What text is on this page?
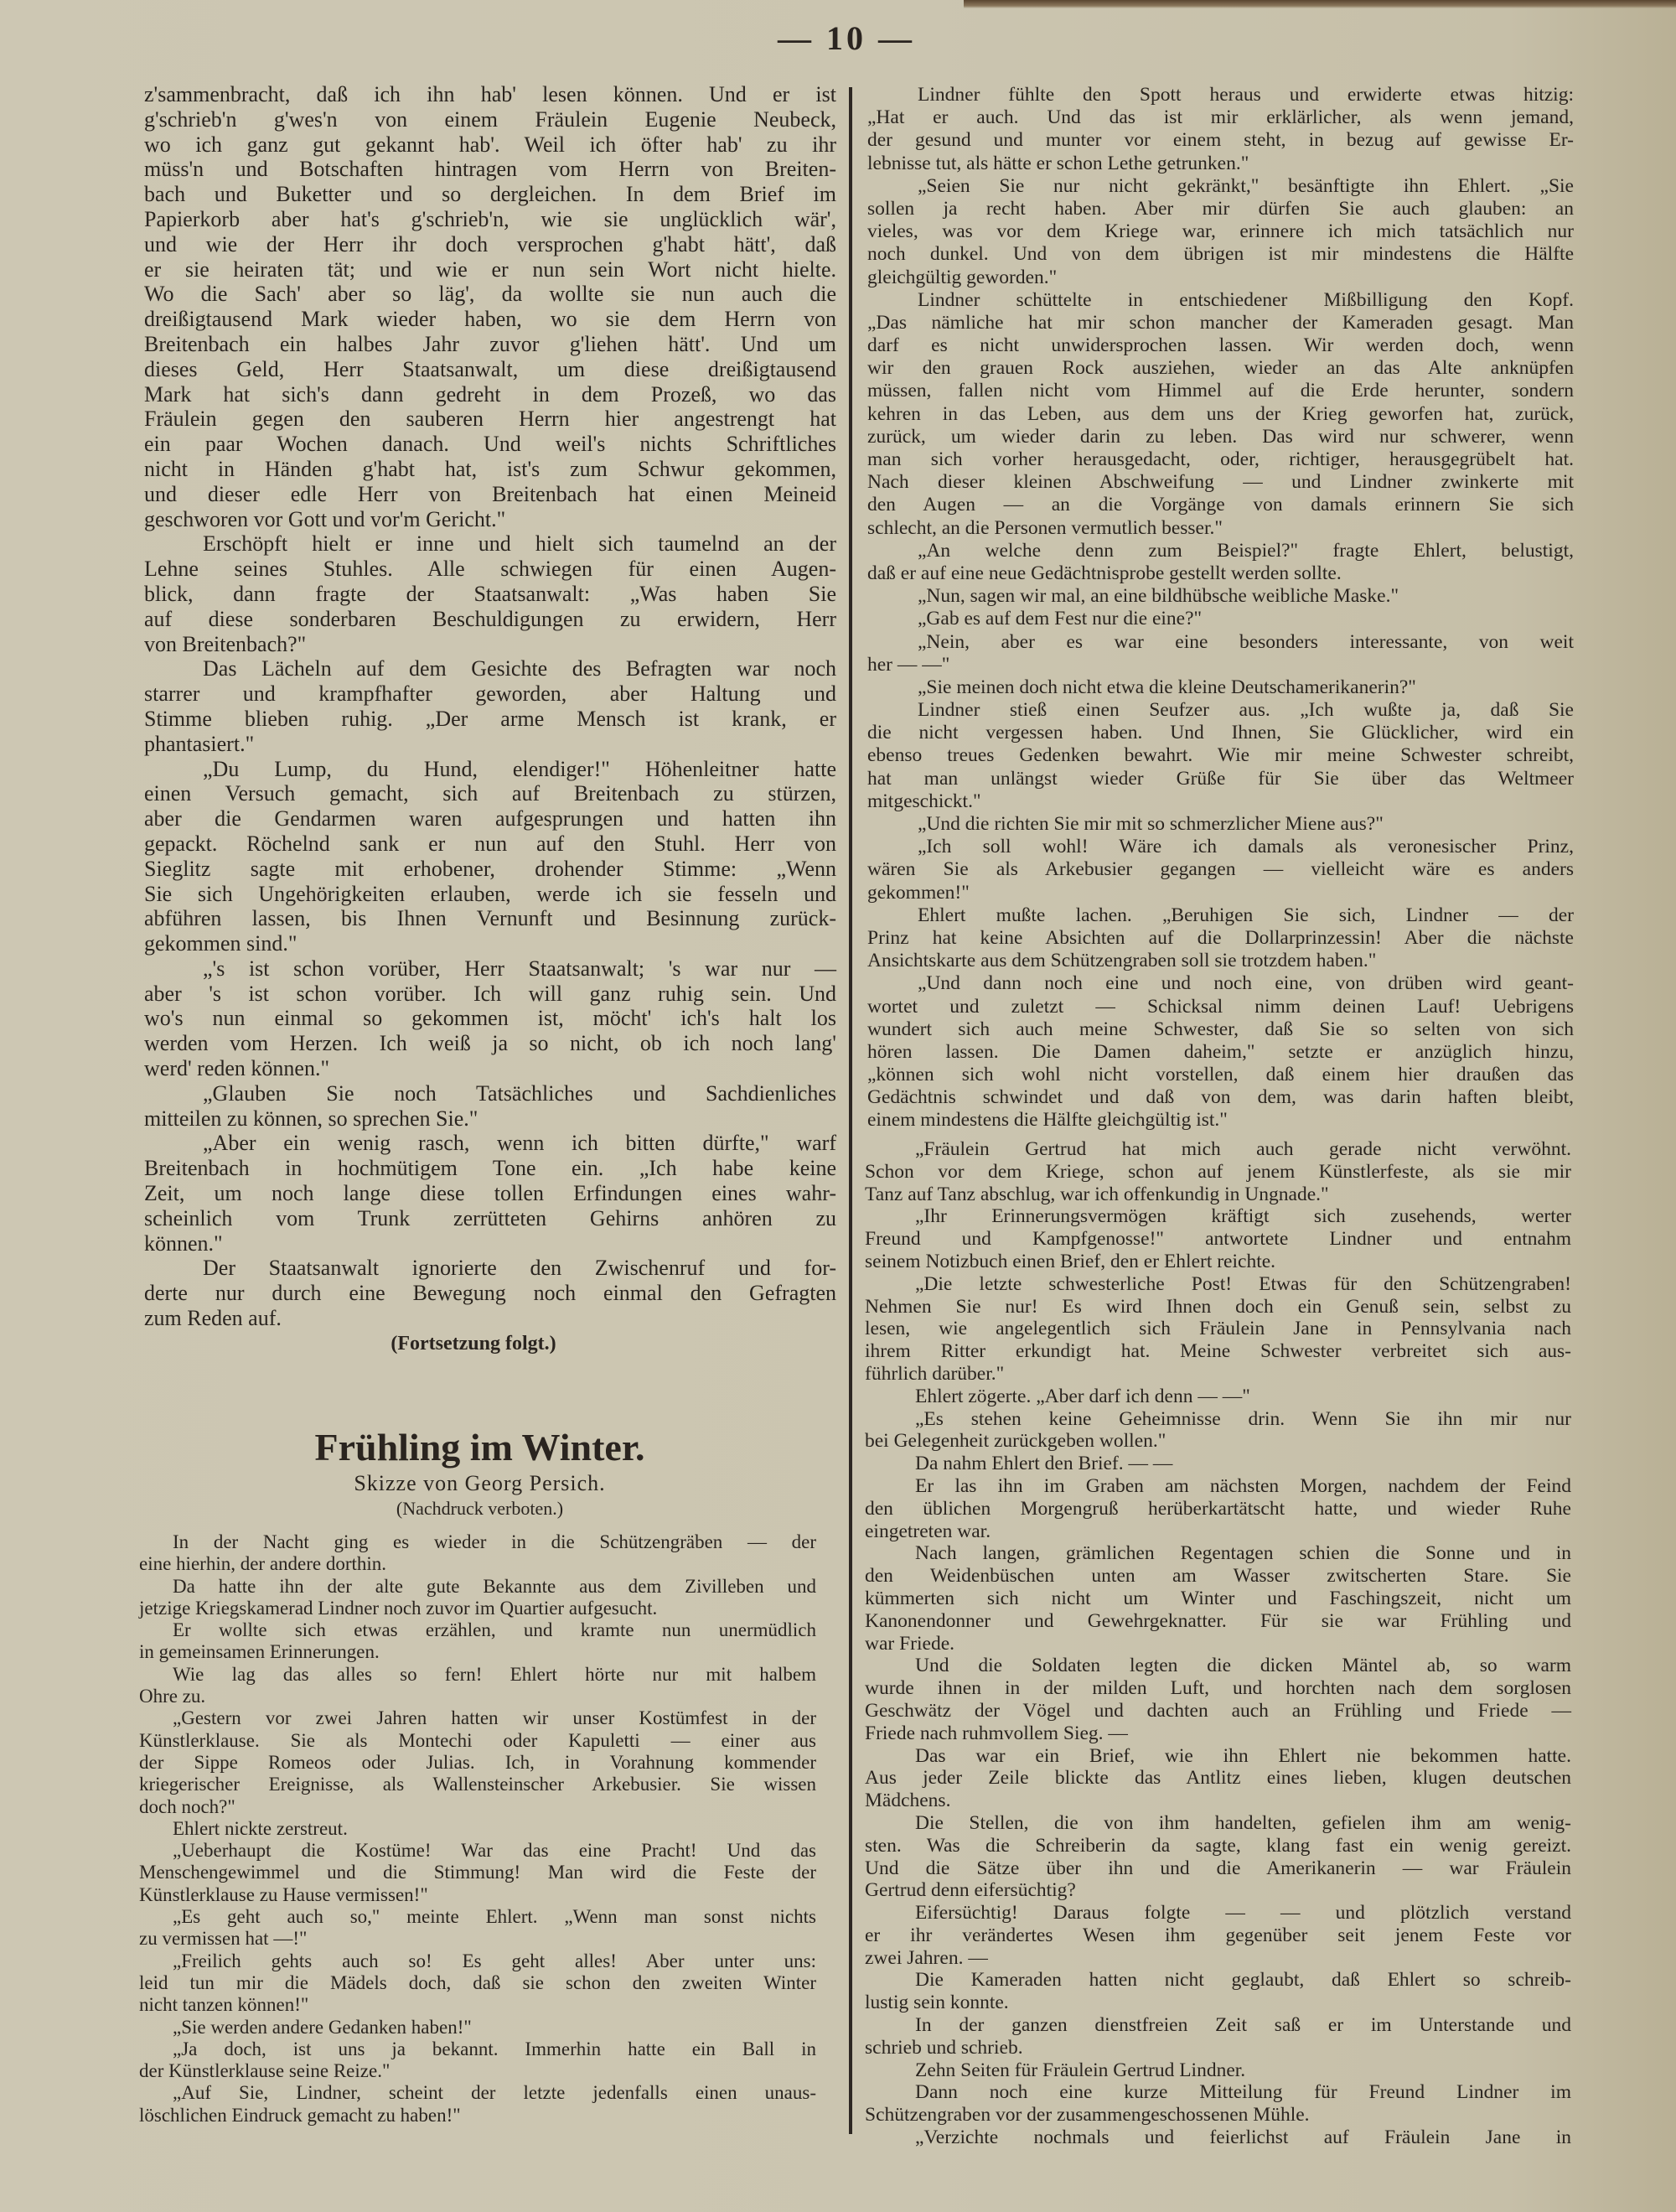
— 10 —
z'sammenbracht, daß ich ihn hab' lesen können. Und er ist
g'schrieb'n g'wes'n von einem Fräulein Eugenie Neubeck,
wo ich ganz gut gekannt hab'. Weil ich öfter hab' zu ihr
müss'n und Botschaften hintragen vom Herrn von Breiten-
bach und Buketter und so dergleichen. In dem Brief im
Papierkorb aber hat's g'schrieb'n, wie sie unglücklich wär',
und wie der Herr ihr doch versprochen g'habt hätt', daß
er sie heiraten tät; und wie er nun sein Wort nicht hielte.
Wo die Sach' aber so läg', da wollte sie nun auch die
dreißigtausend Mark wieder haben, wo sie dem Herrn von
Breitenbach ein halbes Jahr zuvor g'liehen hätt'. Und um
dieses Geld, Herr Staatsanwalt, um diese dreißigtausend
Mark hat sich's dann gedreht in dem Prozeß, wo das
Fräulein gegen den sauberen Herrn hier angestrengt hat
ein paar Wochen danach. Und weil's nichts Schriftliches
nicht in Händen g'habt hat, ist's zum Schwur gekommen,
und dieser edle Herr von Breitenbach hat einen Meineid
geschworen vor Gott und vor'm Gericht."
Erschöpft hielt er inne und hielt sich taumelnd an der
Lehne seines Stuhles. Alle schwiegen für einen Augen-
blick, dann fragte der Staatsanwalt: „Was haben Sie
auf diese sonderbaren Beschuldigungen zu erwidern, Herr
von Breitenbach?"
Das Lächeln auf dem Gesichte des Befragten war noch
starrer und krampfhafter geworden, aber Haltung und
Stimme blieben ruhig. „Der arme Mensch ist krank, er
phantasiert."
„Du Lump, du Hund, elendiger!" Höhenleitner hatte
einen Versuch gemacht, sich auf Breitenbach zu stürzen,
aber die Gendarmen waren aufgesprungen und hatten ihn
gepackt. Röchelnd sank er nun auf den Stuhl. Herr von
Sieglitz sagte mit erhobener, drohender Stimme: „Wenn
Sie sich Ungehörigkeiten erlauben, werde ich sie fesseln und
abführen lassen, bis Ihnen Vernunft und Besinnung zurück-
gekommen sind."
„'s ist schon vorüber, Herr Staatsanwalt; 's war nur —
aber 's ist schon vorüber. Ich will ganz ruhig sein. Und
wo's nun einmal so gekommen ist, möcht' ich's halt los
werden vom Herzen. Ich weiß ja so nicht, ob ich noch lang'
werd' reden können."
„Glauben Sie noch Tatsächliches und Sachdienliches
mitteilen zu können, so sprechen Sie."
„Aber ein wenig rasch, wenn ich bitten dürfte," warf
Breitenbach in hochmütigem Tone ein. „Ich habe keine
Zeit, um noch lange diese tollen Erfindungen eines wahr-
scheinlich vom Trunk zerrütteten Gehirns anhören zu
können."
Der Staatsanwalt ignorierte den Zwischenruf und for-
derte nur durch eine Bewegung noch einmal den Gefragten
zum Reden auf.
(Fortsetzung folgt.)
Frühling im Winter.
Skizze von Georg Persich.
(Nachdruck verboten.)
In der Nacht ging es wieder in die Schützengräben — der
eine hierhin, der andere dorthin.
Da hatte ihn der alte gute Bekannte aus dem Zivilleben und
jetzige Kriegskamerad Lindner noch zuvor im Quartier aufgesucht.
Er wollte sich etwas erzählen, und kramte nun unermüdlich
in gemeinsamen Erinnerungen.
Wie lag das alles so fern! Ehlert hörte nur mit halbem
Ohre zu.
„Gestern vor zwei Jahren hatten wir unser Kostümfest in der
Künstlerklause. Sie als Montechi oder Kapuletti — einer aus
der Sippe Romeos oder Julias. Ich, in Vorahnung kommender
kriegerischer Ereignisse, als Wallensteinscher Arkebusier. Sie wissen
doch noch?"
Ehlert nickte zerstreut.
„Ueberhaupt die Kostüme! War das eine Pracht! Und das
Menschengewimmel und die Stimmung! Man wird die Feste der
Künstlerklause zu Hause vermissen!"
„Es geht auch so," meinte Ehlert. „Wenn man sonst nichts
zu vermissen hat —!"
„Freilich gehts auch so! Es geht alles! Aber unter uns:
leid tun mir die Mädels doch, daß sie schon den zweiten Winter
nicht tanzen können!"
„Sie werden andere Gedanken haben!"
„Ja doch, ist uns ja bekannt. Immerhin hatte ein Ball in
der Künstlerklause seine Reize."
„Auf Sie, Lindner, scheint der letzte jedenfalls einen unaus-
löschlichen Eindruck gemacht zu haben!"
Lindner fühlte den Spott heraus und erwiderte etwas hitzig:
„Hat er auch. Und das ist mir erklärlicher, als wenn jemand,
der gesund und munter vor einem steht, in bezug auf gewisse Er-
lebnisse tut, als hätte er schon Lethe getrunken."
„Seien Sie nur nicht gekränkt," besänftigte ihn Ehlert. „Sie
sollen ja recht haben. Aber mir dürfen Sie auch glauben: an
vieles, was vor dem Kriege war, erinnere ich mich tatsächlich nur
noch dunkel. Und von dem übrigen ist mir mindestens die Hälfte
gleichgültig geworden."
Lindner schüttelte in entschiedener Mißbilligung den Kopf.
„Das nämliche hat mir schon mancher der Kameraden gesagt. Man
darf es nicht unwidersprochen lassen. Wir werden doch, wenn
wir den grauen Rock ausziehen, wieder an das Alte anknüpfen
müssen, fallen nicht vom Himmel auf die Erde herunter, sondern
kehren in das Leben, aus dem uns der Krieg geworfen hat, zurück,
zurück, um wieder darin zu leben. Das wird nur schwerer, wenn
man sich vorher herausgedacht, oder, richtiger, herausgegrübelt hat.
Nach dieser kleinen Abschweifung — und Lindner zwinkerte mit
den Augen — an die Vorgänge von damals erinnern Sie sich
schlecht, an die Personen vermutlich besser."
„An welche denn zum Beispiel?" fragte Ehlert, belustigt,
daß er auf eine neue Gedächtnisprobe gestellt werden sollte.
„Nun, sagen wir mal, an eine bildhübsche weibliche Maske."
„Gab es auf dem Fest nur die eine?"
„Nein, aber es war eine besonders interessante, von weit
her — —"
„Sie meinen doch nicht etwa die kleine Deutschamerikanerin?"
Lindner stieß einen Seufzer aus. „Ich wußte ja, daß Sie
die nicht vergessen haben. Und Ihnen, Sie Glücklicher, wird ein
ebenso treues Gedenken bewahrt. Wie mir meine Schwester schreibt,
hat man unlängst wieder Grüße für Sie über das Weltmeer
mitgeschickt."
„Und die richten Sie mir mit so schmerzlicher Miene aus?"
„Ich soll wohl! Wäre ich damals als veronesischer Prinz,
wären Sie als Arkebusier gegangen — vielleicht wäre es anders
gekommen!"
Ehlert mußte lachen. „Beruhigen Sie sich, Lindner — der
Prinz hat keine Absichten auf die Dollarprinzessin! Aber die nächste
Ansichtskarte aus dem Schützengraben soll sie trotzdem haben."
„Und dann noch eine und noch eine, von drüben wird geant-
wortet und zuletzt — Schicksal nimm deinen Lauf! Uebrigens
wundert sich auch meine Schwester, daß Sie so selten von sich
hören lassen. Die Damen daheim," setzte er anzüglich hinzu,
„können sich wohl nicht vorstellen, daß einem hier draußen das
Gedächtnis schwindet und daß von dem, was darin haften bleibt,
einem mindestens die Hälfte gleichgültig ist."
„Fräulein Gertrud hat mich auch gerade nicht verwöhnt.
Schon vor dem Kriege, schon auf jenem Künstlerfeste, als sie mir
Tanz auf Tanz abschlug, war ich offenkundig in Ungnade."
„Ihr Erinnerungsvermögen kräftigt sich zusehends, werter
Freund und Kampfgenosse!" antwortete Lindner und entnahm
seinem Notizbuch einen Brief, den er Ehlert reichte.
„Die letzte schwesterliche Post! Etwas für den Schützengraben!
Nehmen Sie nur! Es wird Ihnen doch ein Genuß sein, selbst zu
lesen, wie angelegentlich sich Fräulein Jane in Pennsylvania nach
ihrem Ritter erkundigt hat. Meine Schwester verbreitet sich aus-
führlich darüber."
Ehlert zögerte. „Aber darf ich denn — —"
„Es stehen keine Geheimnisse drin. Wenn Sie ihn mir nur
bei Gelegenheit zurückgeben wollen."
Da nahm Ehlert den Brief. — —
Er las ihn im Graben am nächsten Morgen, nachdem der Feind
den üblichen Morgengruß herüberkartätscht hatte, und wieder Ruhe
eingetreten war.
Nach langen, grämlichen Regentagen schien die Sonne und in
den Weidenbüschen unten am Wasser zwitscherten Stare. Sie
kümmerten sich nicht um Winter und Faschingszeit, nicht um
Kanonendonner und Gewehrgeknatter. Für sie war Frühling und
war Friede.
Und die Soldaten legten die dicken Mäntel ab, so warm
wurde ihnen in der milden Luft, und horchten nach dem sorglosen
Geschwätz der Vögel und dachten auch an Frühling und Friede —
Friede nach ruhmvollem Sieg. —
Das war ein Brief, wie ihn Ehlert nie bekommen hatte.
Aus jeder Zeile blickte das Antlitz eines lieben, klugen deutschen
Mädchens.
Die Stellen, die von ihm handelten, gefielen ihm am wenig-
sten. Was die Schreiberin da sagte, klang fast ein wenig gereizt.
Und die Sätze über ihn und die Amerikanerin — war Fräulein
Gertrud denn eifersüchtig?
Eifersüchtig! Daraus folgte — — und plötzlich verstand
er ihr verändertes Wesen ihm gegenüber seit jenem Feste vor
zwei Jahren. —
Die Kameraden hatten nicht geglaubt, daß Ehlert so schreib-
lustig sein konnte.
In der ganzen dienstfreien Zeit saß er im Unterstande und
schrieb und schrieb.
Zehn Seiten für Fräulein Gertrud Lindner.
Dann noch eine kurze Mitteilung für Freund Lindner im
Schützengraben vor der zusammengeschossenen Mühle.
„Verzichte nochmals und feierlichst auf Fräulein Jane in
